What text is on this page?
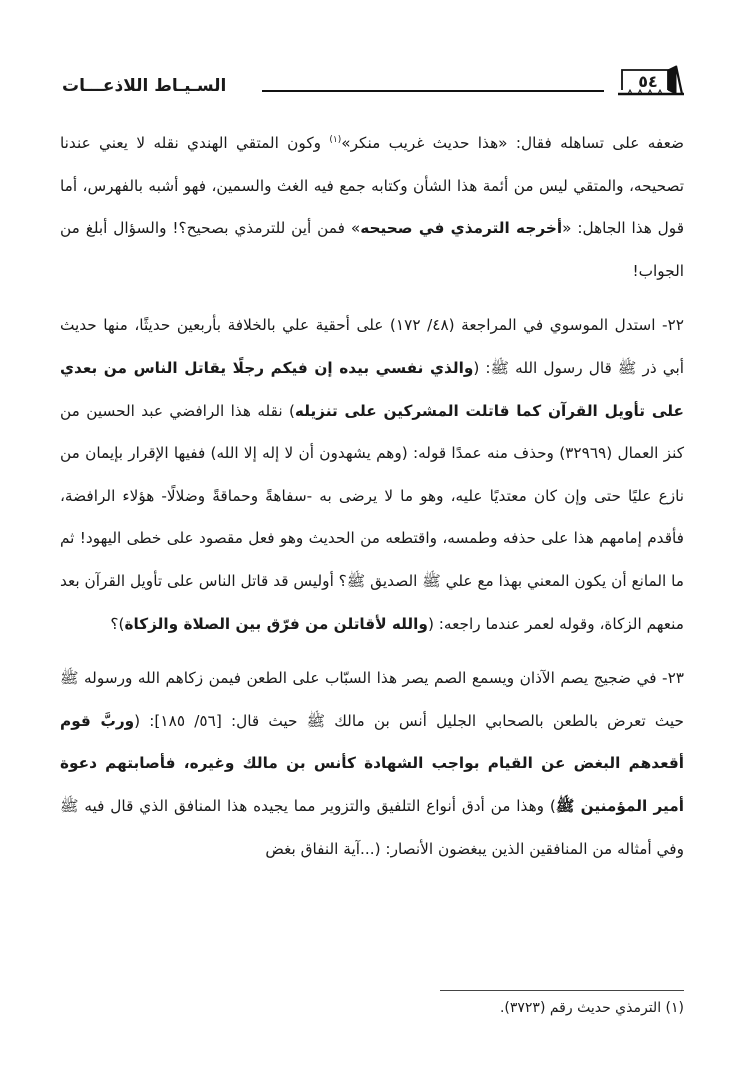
السـيـاط اللاذعـــات	٥٤

ضعفه على تساهله فقال: «هذا حديث غريب منكر»$^{(١)}$ وكون المتقي الهندي نقله لا يعني عندنا تصحيحه، والمتقي ليس من أئمة هذا الشأن وكتابه جمع فيه الغث والسمين، فهو أشبه بالفهرس، أما قول هذا الجاهل: «أخرجه الترمذي في صحيحه» فمن أين للترمذي بصحيح؟! والسؤال أبلغ من الجواب!

٢٢- استدل الموسوي في المراجعة (٤٨/ ١٧٢) على أحقية علي بالخلافة بأربعين حديثًا، منها حديث أبي ذر ﷺ قال رسول الله ﷺ: (والذي نفسي بيده إن فيكم رجلًا يقاتل الناس من بعدي على تأويل القرآن كما قاتلت المشركين على تنزيله) نقله هذا الرافضي عبد الحسين من كنز العمال (٣٢٩٦٩) وحذف منه عمدًا قوله: (وهم يشهدون أن لا إله إلا الله) ففيها الإقرار بإيمان من نازع عليًا حتى وإن كان معتديًا عليه، وهو ما لا يرضى به -سفاهةً وحماقةً وضلالًا- هؤلاء الرافضة، فأقدم إمامهم هذا على حذفه وطمسه، واقتطعه من الحديث وهو فعل مقصود على خطى اليهود! ثم ما المانع أن يكون المعني بهذا مع علي ﷺ الصديق ﷺ؟ أوليس قد قاتل الناس على تأويل القرآن بعد منعهم الزكاة، وقوله لعمر عندما راجعه: (والله لأقاتلن من فرّق بين الصلاة والزكاة)؟

٢٣- في ضجيج يصم الآذان ويسمع الصم يصر هذا السبّاب على الطعن فيمن زكاهم الله ورسوله ﷺ حيث تعرض بالطعن بالصحابي الجليل أنس بن مالك ﷺ حيث قال: [٥٦/ ١٨٥]: (وربَّ قوم أقعدهم البغض عن القيام بواجب الشهادة كأنس بن مالك وغيره، فأصابتهم دعوة أمير المؤمنين ﷺ) وهذا من أدق أنواع التلفيق والتزوير مما يجيده هذا المنافق الذي قال فيه ﷺ وفي أمثاله من المنافقين الذين يبغضون الأنصار: (...آية النفاق بغض

(١) الترمذي حديث رقم (٣٧٢٣).
